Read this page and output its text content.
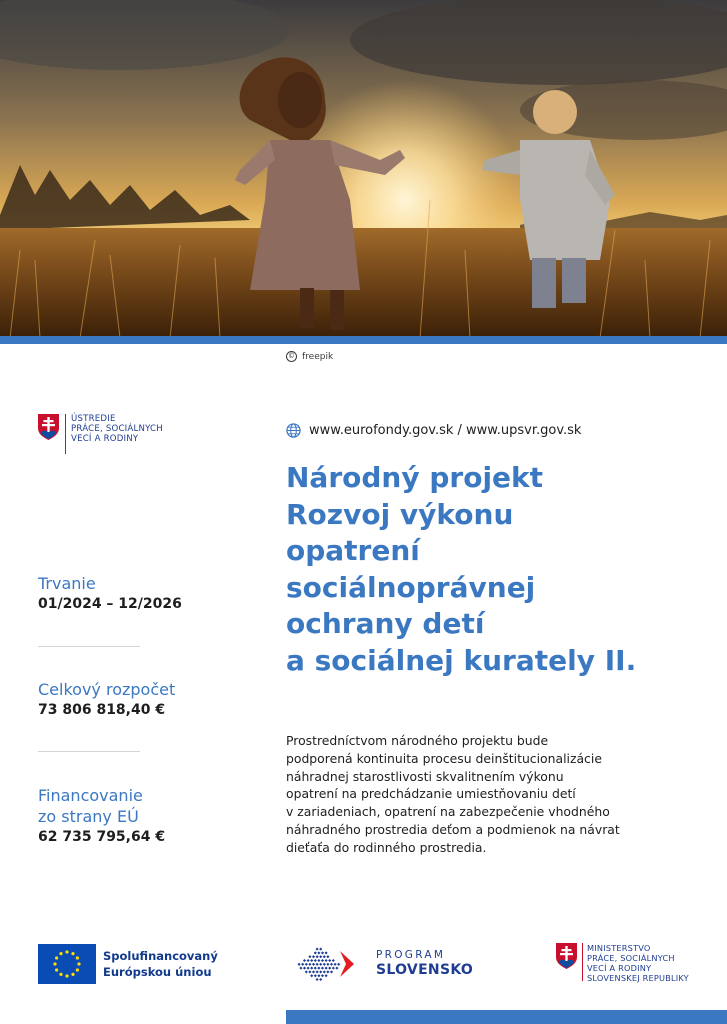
© freepik
ÚSTREDIE
PRÁCE, SOCIÁLNYCH
VECÍ A RODINY
www.eurofondy.gov.sk / www.upsvr.gov.sk
Národný projekt
Rozvoj výkonu
opatrení
sociálnoprávnej
ochrany detí
a sociálnej kurately II.

Prostredníctvom národného projektu bude
podporená kontinuita procesu deinštitucionalizácie
náhradnej starostlivosti skvalitnením výkonu
opatrení na predchádzanie umiestňovaniu detí
v zariadeniach, opatrení na zabezpečenie vhodného
náhradného prostredia deťom a podmienok na návrat
dieťaťa do rodinného prostredia.

Trvanie
01/2024 – 12/2026
Celkový rozpočet
73 806 818,40 €
Financovanie
zo strany EÚ
62 735 795,64 €
Spolufinancovaný
Európskou úniou
PROGRAM
SLOVENSKO
MINISTERSTVO
PRÁCE, SOCIÁLNYCH
VECÍ A RODINY
SLOVENSKEJ REPUBLIKY
